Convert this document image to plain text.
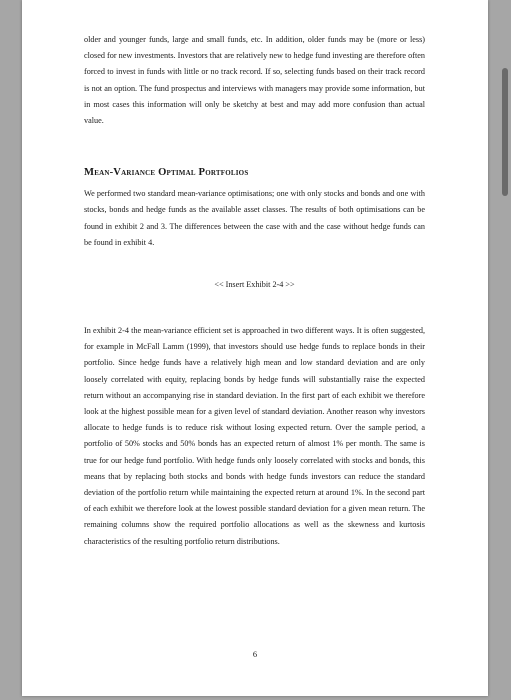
older and younger funds, large and small funds, etc. In addition, older funds may be (more or less) closed for new investments. Investors that are relatively new to hedge fund investing are therefore often forced to invest in funds with little or no track record. If so, selecting funds based on their track record is not an option. The fund prospectus and interviews with managers may provide some information, but in most cases this information will only be sketchy at best and may add more confusion than actual value.

Mean-Variance Optimal Portfolios

We performed two standard mean-variance optimisations; one with only stocks and bonds and one with stocks, bonds and hedge funds as the available asset classes. The results of both optimisations can be found in exhibit 2 and 3. The differences between the case with and the case without hedge funds can be found in exhibit 4.

<< Insert Exhibit 2-4 >>

In exhibit 2-4 the mean-variance efficient set is approached in two different ways. It is often suggested, for example in McFall Lamm (1999), that investors should use hedge funds to replace bonds in their portfolio. Since hedge funds have a relatively high mean and low standard deviation and are only loosely correlated with equity, replacing bonds by hedge funds will substantially raise the expected return without an accompanying rise in standard deviation. In the first part of each exhibit we therefore look at the highest possible mean for a given level of standard deviation. Another reason why investors allocate to hedge funds is to reduce risk without losing expected return. Over the sample period, a portfolio of 50% stocks and 50% bonds has an expected return of almost 1% per month. The same is true for our hedge fund portfolio. With hedge funds only loosely correlated with stocks and bonds, this means that by replacing both stocks and bonds with hedge funds investors can reduce the standard deviation of the portfolio return while maintaining the expected return at around 1%. In the second part of each exhibit we therefore look at the lowest possible standard deviation for a given mean return. The remaining columns show the required portfolio allocations as well as the skewness and kurtosis characteristics of the resulting portfolio return distributions.

6
